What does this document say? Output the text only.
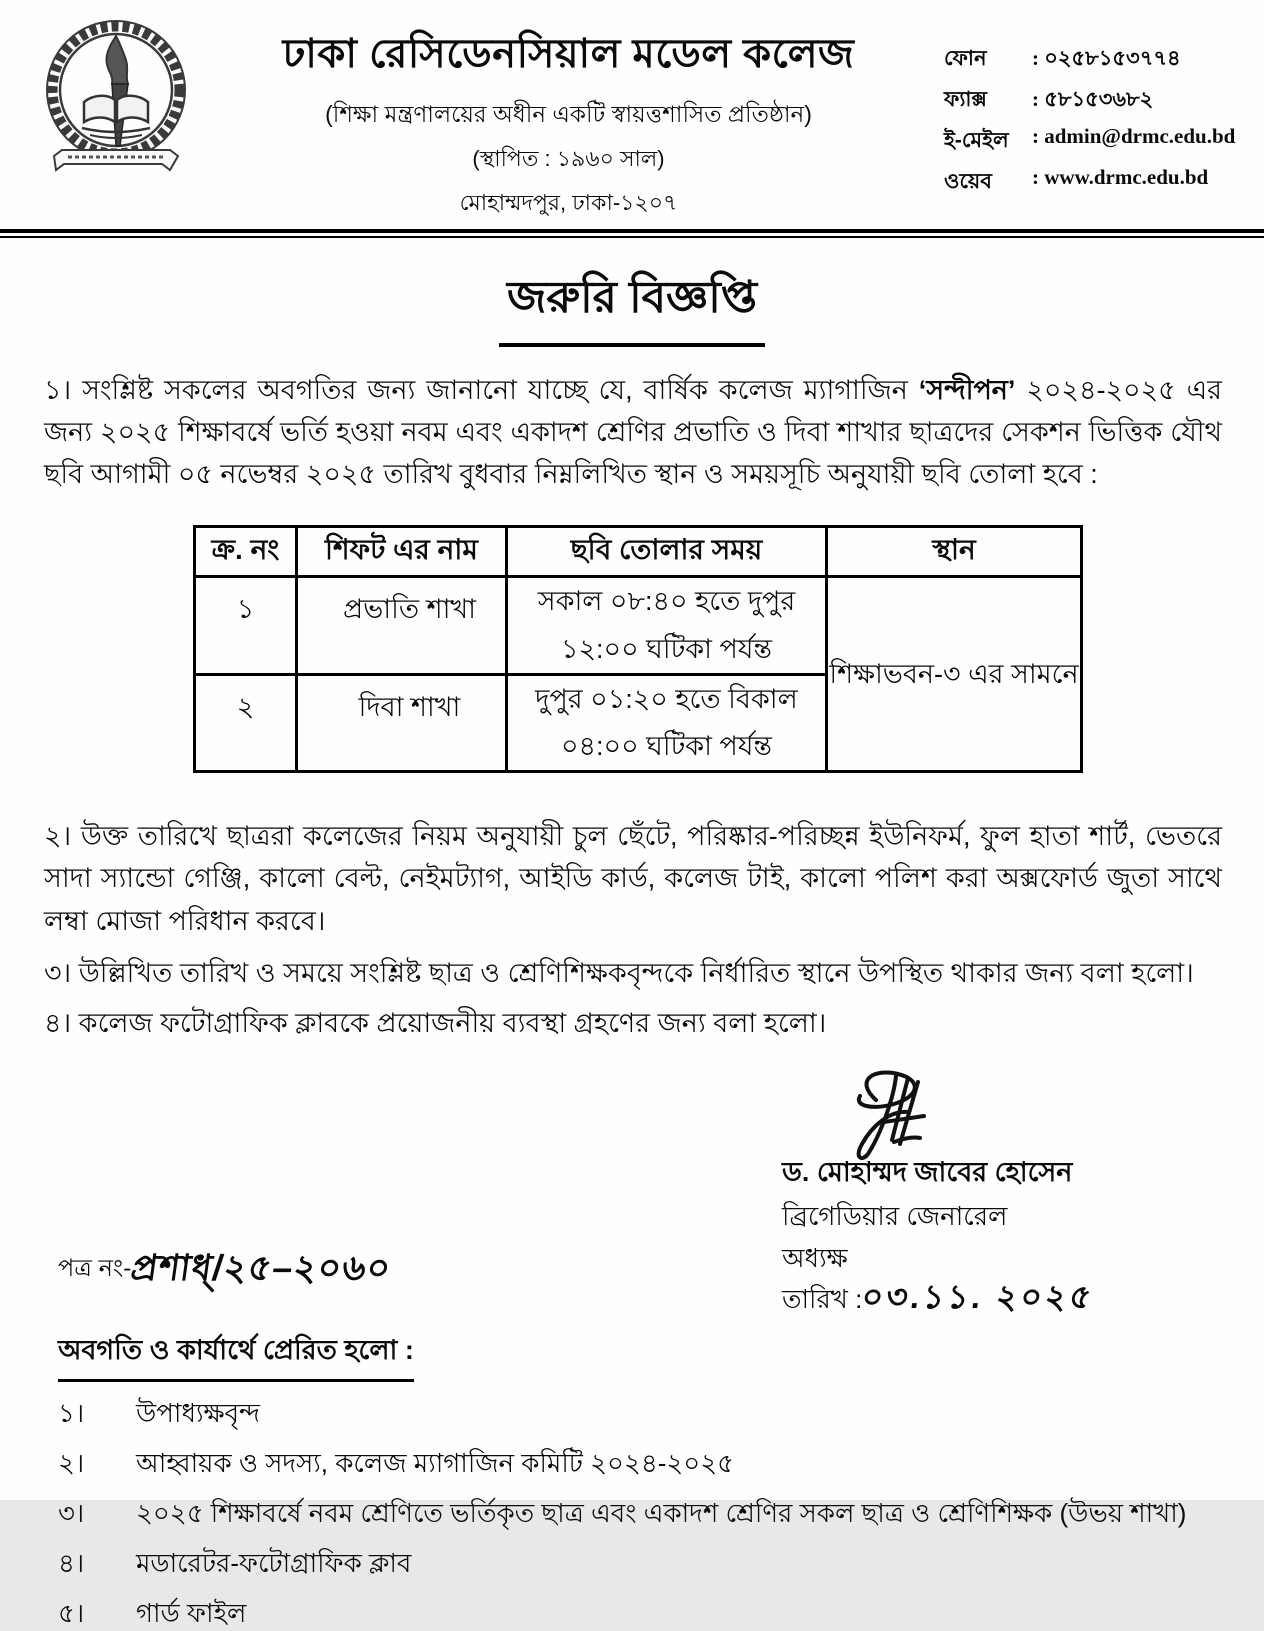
ঢাকা রেসিডেনসিয়াল মডেল কলেজ
(শিক্ষা মন্ত্রণালয়ের অধীন একটি স্বায়ত্তশাসিত প্রতিষ্ঠান)
(স্থাপিত : ১৯৬০ সাল)
মোহাম্মদপুর, ঢাকা-১২০৭
ফোন	: ০২৫৮১৫৩৭৭৪
ফ্যাক্স	: ৫৮১৫৩৬৮২
ই-মেইল	: admin@drmc.edu.bd
ওয়েব	: www.drmc.edu.bd
জরুরি বিজ্ঞপ্তি

১। সংশ্লিষ্ট সকলের অবগতির জন্য জানানো যাচ্ছে যে, বার্ষিক কলেজ ম্যাগাজিন ‘সন্দীপন’ ২০২৪-২০২৫ এর জন্য ২০২৫ শিক্ষাবর্ষে ভর্তি হওয়া নবম এবং একাদশ শ্রেণির প্রভাতি ও দিবা শাখার ছাত্রদের সেকশন ভিত্তিক যৌথ ছবি আগামী ০৫ নভেম্বর ২০২৫ তারিখ বুধবার নিম্নলিখিত স্থান ও সময়সূচি অনুযায়ী ছবি তোলা হবে :

ক্র. নং	শিফট এর নাম	ছবি তোলার সময়	স্থান
১	প্রভাতি শাখা	সকাল ০৮:৪০ হতে দুপুর ১২:০০ ঘটিকা পর্যন্ত	শিক্ষাভবন-৩ এর সামনে
২	দিবা শাখা	দুপুর ০১:২০ হতে বিকাল ০৪:০০ ঘটিকা পর্যন্ত	

২। উক্ত তারিখে ছাত্ররা কলেজের নিয়ম অনুযায়ী চুল ছেঁটে, পরিষ্কার-পরিচ্ছন্ন ইউনিফর্ম, ফুল হাতা শার্ট, ভেতরে সাদা স্যান্ডো গেঞ্জি, কালো বেল্ট, নেইমট্যাগ, আইডি কার্ড, কলেজ টাই, কালো পলিশ করা অক্সফোর্ড জুতা সাথে লম্বা মোজা পরিধান করবে।

৩। উল্লিখিত তারিখ ও সময়ে সংশ্লিষ্ট ছাত্র ও শ্রেণিশিক্ষকবৃন্দকে নির্ধারিত স্থানে উপস্থিত থাকার জন্য বলা হলো।

৪। কলেজ ফটোগ্রাফিক ক্লাবকে প্রয়োজনীয় ব্যবস্থা গ্রহণের জন্য বলা হলো।

ড. মোহাম্মদ জাবের হোসেন
ব্রিগেডিয়ার জেনারেল
অধ্যক্ষ
তারিখ :০৩.১১. ২০২৫
পত্র নং-প্রশাধ্/২৫–২০৬০
অবগতি ও কার্যার্থে প্রেরিত হলো :
১।	উপাধ্যক্ষবৃন্দ
২।	আহ্বায়ক ও সদস্য, কলেজ ম্যাগাজিন কমিটি ২০২৪-২০২৫
৩।	২০২৫ শিক্ষাবর্ষে নবম শ্রেণিতে ভর্তিকৃত ছাত্র এবং একাদশ শ্রেণির সকল ছাত্র ও শ্রেণিশিক্ষক (উভয় শাখা)
৪।	মডারেটর-ফটোগ্রাফিক ক্লাব
৫।	গার্ড ফাইল
